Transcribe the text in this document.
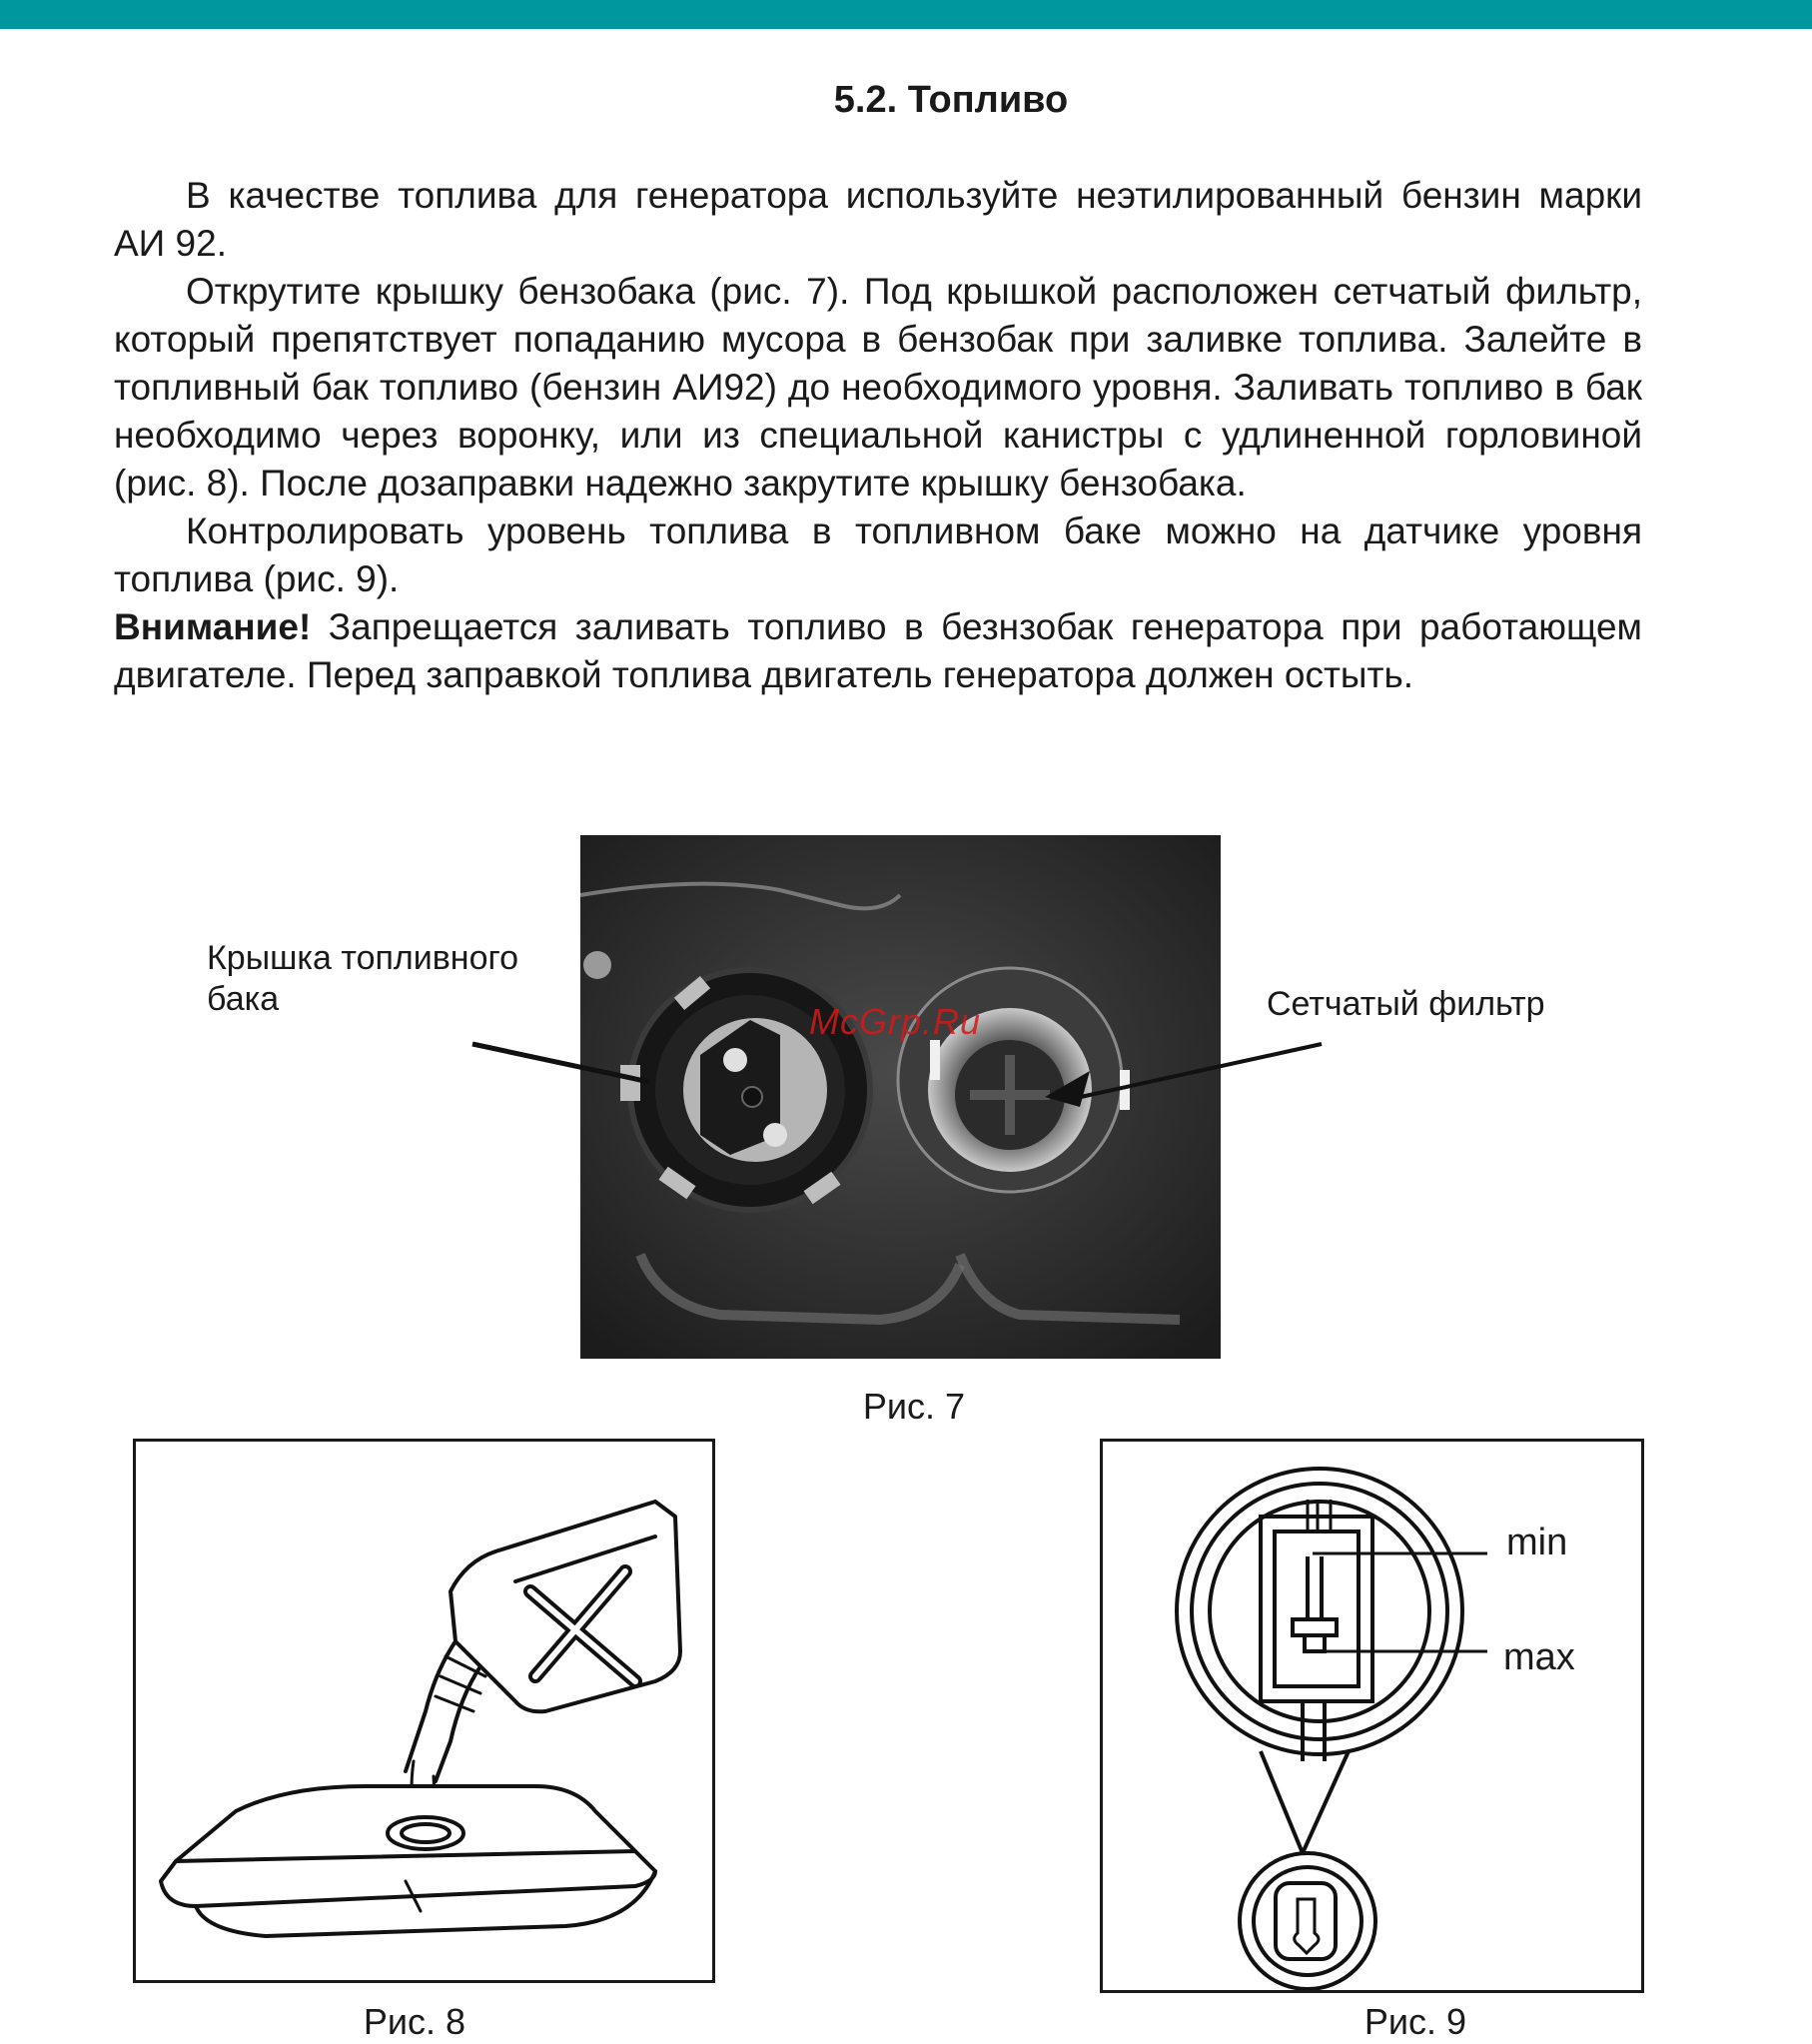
5.2. Топливо

В качестве топлива для генератора используйте неэтилированный бензин марки АИ 92.

Открутите крышку бензобака (рис. 7). Под крышкой расположен сетчатый фильтр, который препятствует попаданию мусора в бензобак при заливке топлива. Залейте в топливный бак топливо (бензин АИ92) до необходимого уровня. Заливать топливо в бак необходимо через воронку, или из специальной канистры с удлиненной горловиной (рис. 8). После дозаправки надежно закрутите крышку бензобака.

Контролировать уровень топлива в топливном баке можно на датчике уровня топлива (рис. 9).

Внимание! Запрещается заливать топливо в безнзобак генератора при работающем двигателе. Перед заправкой топлива двигатель генератора должен остыть.

Крышка топливного бака	Сетчатый фильтр
McGrp.Ru
Рис. 7
Рис. 8
min
max
Рис. 9
